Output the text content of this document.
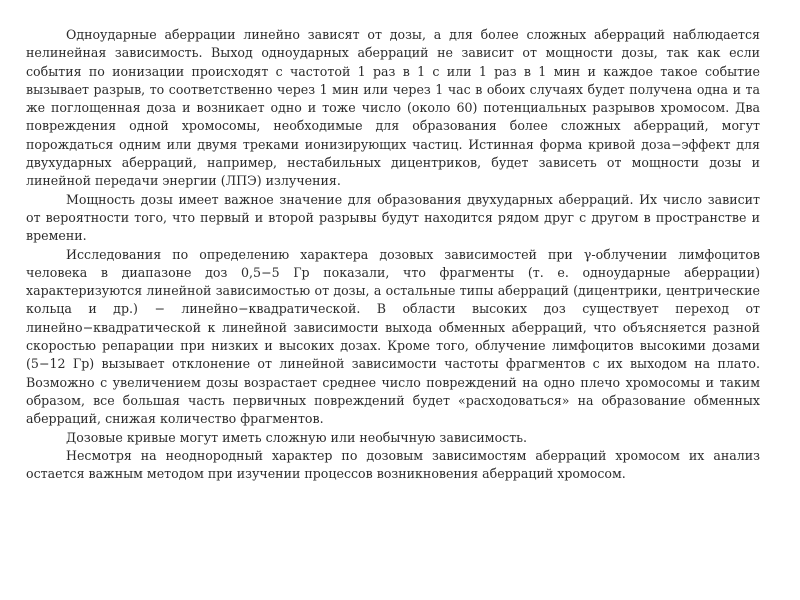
Одноударные аберрации линейно зависят от дозы, а для более сложных аберраций наблюдается нелинейная зависимость. Выход одноударных аберраций не зависит от мощности дозы, так как если события по ионизации происходят с частотой 1 раз в 1 с или 1 раз в 1 мин и каждое такое событие вызывает разрыв, то соответственно через 1 мин или через 1 час в обоих случаях будет получена одна и та же поглощенная доза и возникает одно и тоже число (около 60) потенциальных разрывов хромосом. Два повреждения одной хромосомы, необходимые для образования более сложных аберраций, могут порождаться одним или двумя треками ионизирующих частиц. Истинная форма кривой доза−эффект для двухударных аберраций, например, нестабильных дицентриков, будет зависеть от мощности дозы и линейной передачи энергии (ЛПЭ) излучения.

Мощность дозы имеет важное значение для образования двухударных аберраций. Их число зависит от вероятности того, что первый и второй разрывы будут находится рядом друг с другом в пространстве и времени.

Исследования по определению характера дозовых зависимостей при γ-облучении лимфоцитов человека в диапазоне доз 0,5−5 Гр показали, что фрагменты (т. е. одноударные аберрации) характеризуются линейной зависимостью от дозы, а остальные типы аберраций (дицентрики, центрические кольца и др.) − линейно−квадратической. В области высоких доз существует переход от линейно−квадратической к линейной зависимости выхода обменных аберраций, что объясняется разной скоростью репарации при низких и высоких дозах. Кроме того, облучение лимфоцитов высокими дозами (5−12 Гр) вызывает отклонение от линейной зависимости частоты фрагментов с их выходом на плато. Возможно с увеличением дозы возрастает среднее число повреждений на одно плечо хромосомы и таким образом, все большая часть первичных повреждений будет «расходоваться» на образование обменных аберраций, снижая количество фрагментов.

Дозовые кривые могут иметь сложную или необычную зависимость.

Несмотря на неоднородный характер по дозовым зависимостям аберраций хромосом их анализ остается важным методом при изучении процессов возникновения аберраций хромосом.
